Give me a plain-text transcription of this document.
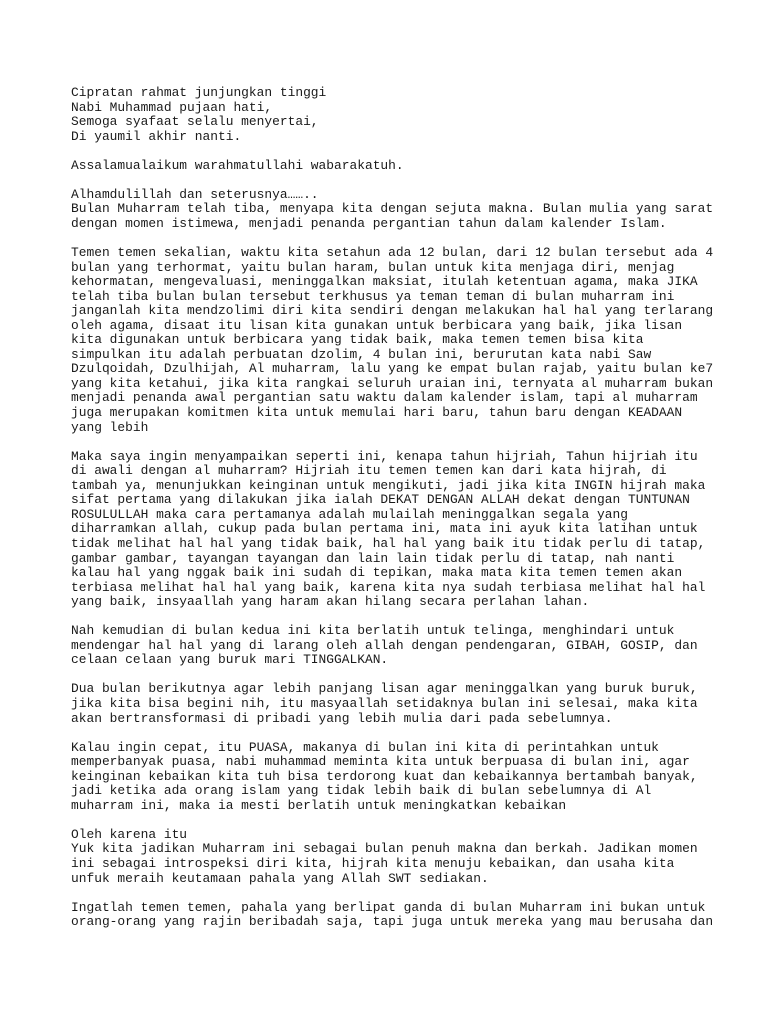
Cipratan rahmat junjungkan tinggi
Nabi Muhammad pujaan hati,
Semoga syafaat selalu menyertai,
Di yaumil akhir nanti.

Assalamualaikum warahmatullahi wabarakatuh.

Alhamdulillah dan seterusnya……..
Bulan Muharram telah tiba, menyapa kita dengan sejuta makna. Bulan mulia yang sarat
dengan momen istimewa, menjadi penanda pergantian tahun dalam kalender Islam.

Temen temen sekalian, waktu kita setahun ada 12 bulan, dari 12 bulan tersebut ada 4
bulan yang terhormat, yaitu bulan haram, bulan untuk kita menjaga diri, menjag
kehormatan, mengevaluasi, meninggalkan maksiat, itulah ketentuan agama, maka JIKA
telah tiba bulan bulan tersebut terkhusus ya teman teman di bulan muharram ini
janganlah kita mendzolimi diri kita sendiri dengan melakukan hal hal yang terlarang
oleh agama, disaat itu lisan kita gunakan untuk berbicara yang baik, jika lisan
kita digunakan untuk berbicara yang tidak baik, maka temen temen bisa kita
simpulkan itu adalah perbuatan dzolim, 4 bulan ini, berurutan kata nabi Saw
Dzulqoidah, Dzulhijah, Al muharram, lalu yang ke empat bulan rajab, yaitu bulan ke7
yang kita ketahui, jika kita rangkai seluruh uraian ini, ternyata al muharram bukan
menjadi penanda awal pergantian satu waktu dalam kalender islam, tapi al muharram
juga merupakan komitmen kita untuk memulai hari baru, tahun baru dengan KEADAAN
yang lebih

Maka saya ingin menyampaikan seperti ini, kenapa tahun hijriah, Tahun hijriah itu
di awali dengan al muharram? Hijriah itu temen temen kan dari kata hijrah, di
tambah ya, menunjukkan keinginan untuk mengikuti, jadi jika kita INGIN hijrah maka
sifat pertama yang dilakukan jika ialah DEKAT DENGAN ALLAH dekat dengan TUNTUNAN
ROSULULLAH maka cara pertamanya adalah mulailah meninggalkan segala yang
diharramkan allah, cukup pada bulan pertama ini, mata ini ayuk kita latihan untuk
tidak melihat hal hal yang tidak baik, hal hal yang baik itu tidak perlu di tatap,
gambar gambar, tayangan tayangan dan lain lain tidak perlu di tatap, nah nanti
kalau hal yang nggak baik ini sudah di tepikan, maka mata kita temen temen akan
terbiasa melihat hal hal yang baik, karena kita nya sudah terbiasa melihat hal hal
yang baik, insyaallah yang haram akan hilang secara perlahan lahan.

Nah kemudian di bulan kedua ini kita berlatih untuk telinga, menghindari untuk
mendengar hal hal yang di larang oleh allah dengan pendengaran, GIBAH, GOSIP, dan
celaan celaan yang buruk mari TINGGALKAN.

Dua bulan berikutnya agar lebih panjang lisan agar meninggalkan yang buruk buruk,
jika kita bisa begini nih, itu masyaallah setidaknya bulan ini selesai, maka kita
akan bertransformasi di pribadi yang lebih mulia dari pada sebelumnya.

Kalau ingin cepat, itu PUASA, makanya di bulan ini kita di perintahkan untuk
memperbanyak puasa, nabi muhammad meminta kita untuk berpuasa di bulan ini, agar
keinginan kebaikan kita tuh bisa terdorong kuat dan kebaikannya bertambah banyak,
jadi ketika ada orang islam yang tidak lebih baik di bulan sebelumnya di Al
muharram ini, maka ia mesti berlatih untuk meningkatkan kebaikan

Oleh karena itu
Yuk kita jadikan Muharram ini sebagai bulan penuh makna dan berkah. Jadikan momen
ini sebagai introspeksi diri kita, hijrah kita menuju kebaikan, dan usaha kita
unfuk meraih keutamaan pahala yang Allah SWT sediakan.

Ingatlah temen temen, pahala yang berlipat ganda di bulan Muharram ini bukan untuk
orang-orang yang rajin beribadah saja, tapi juga untuk mereka yang mau berusaha dan
